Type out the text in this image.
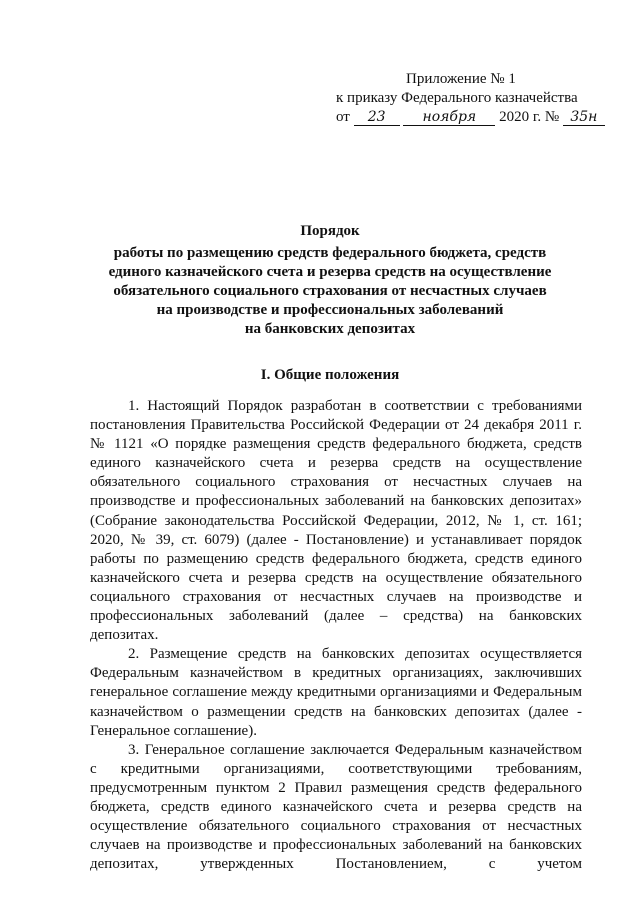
Приложение № 1
к приказу Федерального казначейства
от 23	ноября 2020 г. № 35н
Порядок
работы по размещению средств федерального бюджета, средств
единого казначейского счета и резерва средств на осуществление
обязательного социального страхования от несчастных случаев
на производстве и профессиональных заболеваний
на банковских депозитах
I. Общие положения

1. Настоящий Порядок разработан в соответствии с требованиями постановления Правительства Российской Федерации от 24 декабря 2011 г. № 1121 «О порядке размещения средств федерального бюджета, средств единого казначейского счета и резерва средств на осуществление обязательного социального страхования от несчастных случаев на производстве и профессиональных заболеваний на банковских депозитах» (Собрание законодательства Российской Федерации, 2012, № 1, ст. 161; 2020, № 39, ст. 6079) (далее - Постановление) и устанавливает порядок работы по размещению средств федерального бюджета, средств единого казначейского счета и резерва средств на осуществление обязательного социального страхования от несчастных случаев на производстве и профессиональных заболеваний (далее – средства) на банковских депозитах.

2. Размещение средств на банковских депозитах осуществляется Федеральным казначейством в кредитных организациях, заключивших генеральное соглашение между кредитными организациями и Федеральным казначейством о размещении средств на банковских депозитах (далее - Генеральное соглашение).

3. Генеральное соглашение заключается Федеральным казначейством с кредитными организациями, соответствующими требованиям, предусмотренным пунктом 2 Правил размещения средств федерального бюджета, средств единого казначейского счета и резерва средств на осуществление обязательного социального страхования от несчастных случаев на производстве и профессиональных заболеваний на банковских депозитах, утвержденных Постановлением, с учетом
